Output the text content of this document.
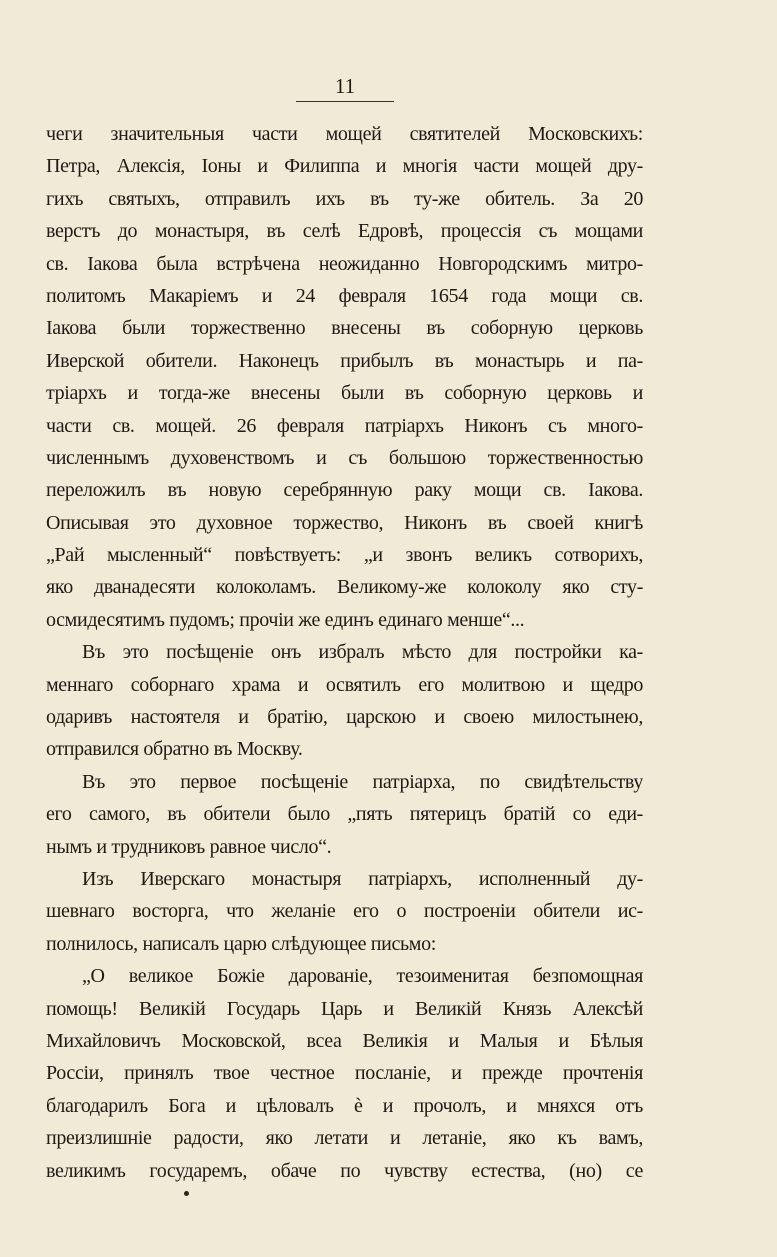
11
чеги значительныя части мощей святителей Московскихъ:
Петра, Алексія, Іоны и Филиппа и многія части мощей дру-
гихъ святыхъ, отправилъ ихъ въ ту-же обитель. За 20
верстъ до монастыря, въ селѣ Едровѣ, процессія съ мощами
св. Іакова была встрѣчена неожиданно Новгородскимъ митро-
политомъ Макаріемъ и 24 февраля 1654 года мощи св.
Іакова были торжественно внесены въ соборную церковь
Иверской обители. Наконецъ прибылъ въ монастырь и па-
тріархъ и тогда-же внесены были въ соборную церковь и
части св. мощей. 26 февраля патріархъ Никонъ съ много-
численнымъ духовенствомъ и съ большою торжественностью
переложилъ въ новую серебрянную раку мощи св. Іакова.
Описывая это духовное торжество, Никонъ въ своей книгѣ
„Рай мысленный“ повѣствуетъ: „и звонъ великъ сотворихъ,
яко дванадесяти колоколамъ. Великому-же колоколу яко сту-
осмидесятимъ пудомъ; прочіи же единъ единаго менше“...
Въ это посѣщеніе онъ избралъ мѣсто для постройки ка-
меннаго соборнаго храма и освятилъ его молитвою и щедро
одаривъ настоятеля и братію, царскою и своею милостынею,
отправился обратно въ Москву.
Въ это первое посѣщеніе патріарха, по свидѣтельству
его самого, въ обители было „пять пятерицъ братій со еди-
нымъ и трудниковъ равное число“.
Изъ Иверскаго монастыря патріархъ, исполненный ду-
шевнаго восторга, что желаніе его о построеніи обители ис-
полнилось, написалъ царю слѣдующее письмо:
„О великое Божіе дарованіе, тезоименитая безпомощная
помощь! Великій Государь Царь и Великій Князь Алексѣй
Михайловичъ Московской, всеа Великія и Малыя и Бѣлыя
Россіи, принялъ твое честное посланіе, и прежде прочтенія
благодарилъ Бога и цѣловалъ ѐ и прочолъ, и мняхся отъ
преизлишніе радости, яко летати и летаніе, яко къ вамъ,
великимъ государемъ, обаче по чувству естества, (но) се
